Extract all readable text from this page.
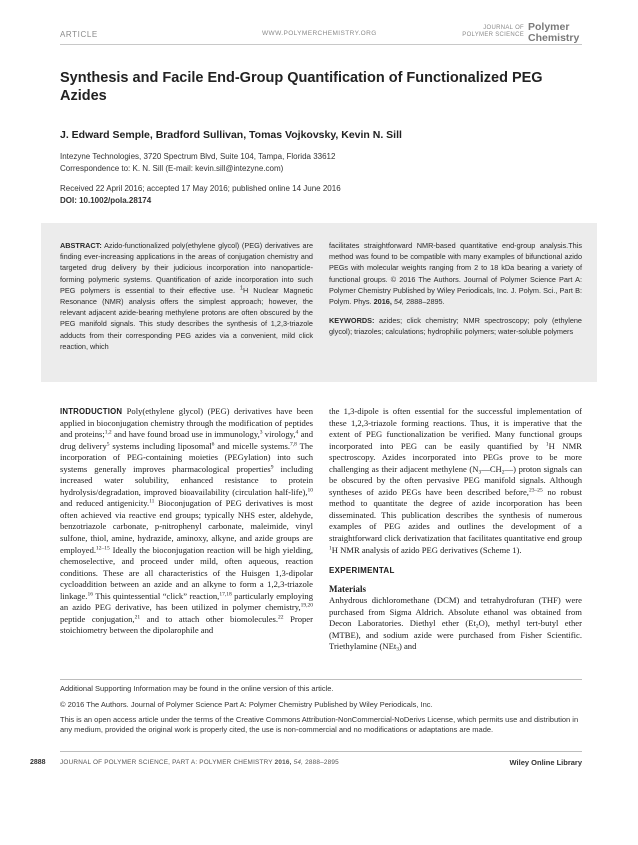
ARTICLE	WWW.POLYMERCHEMISTRY.ORG
JOURNAL OF
POLYMER SCIENCE
Polymer
Chemistry
Synthesis and Facile End-Group Quantification of Functionalized PEG Azides
J. Edward Semple, Bradford Sullivan, Tomas Vojkovsky, Kevin N. Sill
Intezyne Technologies, 3720 Spectrum Blvd, Suite 104, Tampa, Florida 33612
Correspondence to: K. N. Sill (E-mail: kevin.sill@intezyne.com)
Received 22 April 2016; accepted 17 May 2016; published online 14 June 2016
DOI: 10.1002/pola.28174

ABSTRACT: Azido-functionalized poly(ethylene glycol) (PEG) derivatives are finding ever-increasing applications in the areas of conjugation chemistry and targeted drug delivery by their judicious incorporation into nanoparticle-forming polymeric systems. Quantification of azide incorporation into such PEG polymers is essential to their effective use. $^1$H Nuclear Magnetic Resonance (NMR) analysis offers the simplest approach; however, the relevant adjacent azide-bearing methylene protons are often obscured by the PEG manifold signals. This study describes the synthesis of 1,2,3-triazole adducts from their corresponding PEG azides via a convenient, mild click reaction, which

facilitates straightforward NMR-based quantitative end-group analysis.This method was found to be compatible with many examples of bifunctional azido PEGs with molecular weights ranging from 2 to 18 kDa bearing a variety of functional groups. © 2016 The Authors. Journal of Polymer Science Part A: Polymer Chemistry Published by Wiley Periodicals, Inc. J. Polym. Sci., Part B: Polym. Phys. 2016, 54, 2888–2895.

KEYWORDS: azides; click chemistry; NMR spectroscopy; poly (ethylene glycol); triazoles; calculations; hydrophilic polymers; water-soluble polymers

INTRODUCTION Poly(ethylene glycol) (PEG) derivatives have been applied in bioconjugation chemistry through the modification of peptides and proteins;$^{1,2}$ and have found broad use in immunology,$^3$ virology,$^4$ and drug delivery$^5$ systems including liposomal$^6$ and micelle systems.$^{7,8}$ The incorporation of PEG-containing moieties (PEGylation) into such systems generally improves pharmacological properties$^9$ including increased water solubility, enhanced resistance to protein hydrolysis/degradation, improved bioavailability (circulation half-life),$^{10}$ and reduced antigenicity.$^{11}$ Bioconjugation of PEG derivatives is most often achieved via reactive end groups; typically NHS ester, aldehyde, benzotriazole carbonate, p-nitrophenyl carbonate, maleimide, vinyl sulfone, thiol, amine, hydrazide, aminoxy, alkyne, and azide groups are employed.$^{12-15}$ Ideally the bioconjugation reaction will be high yielding, chemoselective, and proceed under mild, often aqueous, reaction conditions. These are all characteristics of the Huisgen 1,3-dipolar cycloaddition between an azide and an alkyne to form a 1,2,3-triazole linkage.$^{16}$ This quintessential “click” reaction,$^{17,18}$ particularly employing an azido PEG derivative, has been utilized in polymer chemistry,$^{19,20}$ peptide conjugation,$^{21}$ and to attach other biomolecules.$^{22}$ Proper stoichiometry between the dipolarophile and

the 1,3-dipole is often essential for the successful implementation of these 1,2,3-triazole forming reactions. Thus, it is imperative that the extent of PEG functionalization be verified. Many functional groups incorporated into PEG can be easily quantified by $^1$H NMR spectroscopy. Azides incorporated into PEGs prove to be more challenging as their adjacent methylene $(N_3—CH_2—)$ proton signals can be obscured by the often pervasive PEG manifold signals. Although syntheses of azido PEGs have been described before,$^{23-25}$ no robust method to quantitate the degree of azide incorporation has been disseminated. This publication describes the synthesis of numerous examples of PEG azides and outlines the development of a straightforward click derivatization that facilitates quantitative end group $^1$H NMR analysis of azido PEG derivatives (Scheme 1).

EXPERIMENTAL

Materials

Anhydrous dichloromethane (DCM) and tetrahydrofuran (THF) were purchased from Sigma Aldrich. Absolute ethanol was obtained from Decon Laboratories. Diethyl ether $(Et_2O)$, methyl tert-butyl ether (MTBE), and sodium azide were purchased from Fisher Scientific. Triethylamine (NEt$_3$) and

Additional Supporting Information may be found in the online version of this article.
© 2016 The Authors. Journal of Polymer Science Part A: Polymer Chemistry Published by Wiley Periodicals, Inc.
This is an open access article under the terms of the Creative Commons Attribution-NonCommercial-NoDerivs License, which permits use and distribution in any medium, provided the original work is properly cited, the use is non-commercial and no modifications or adaptations are made.
2888 JOURNAL OF POLYMER SCIENCE, PART A: POLYMER CHEMISTRY 2016, 54, 2888–2895	Wiley Online Library
